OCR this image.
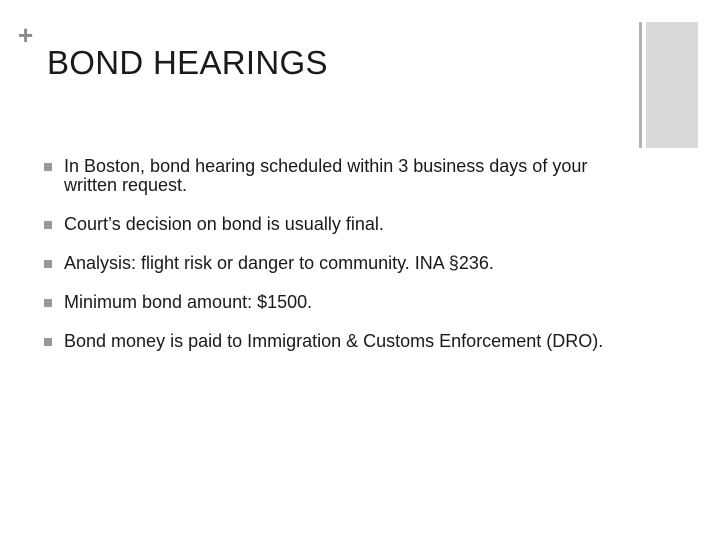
+
BOND HEARINGS
In Boston, bond hearing scheduled within 3 business days of your written request.
Court’s decision on bond is usually final.
Analysis: flight risk or danger to community. INA §236.
Minimum bond amount: $1500.
Bond money is paid to Immigration & Customs Enforcement (DRO).
